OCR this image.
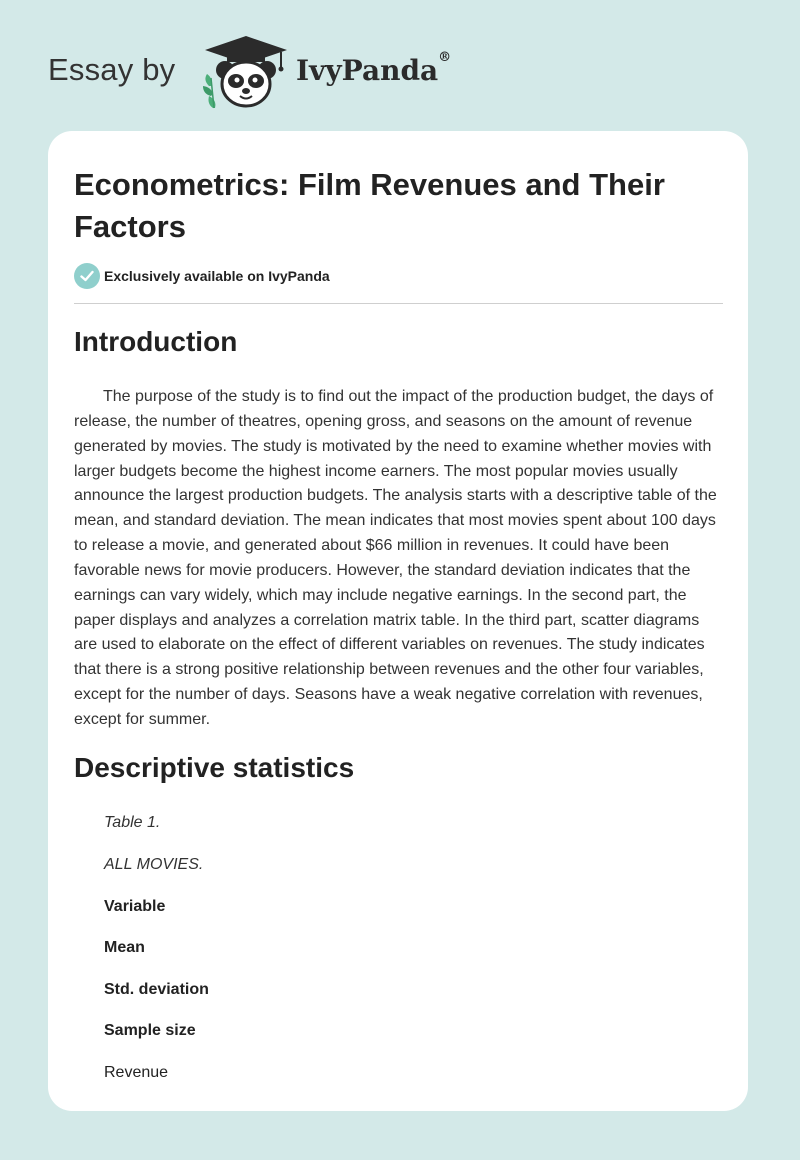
Essay by	IvyPanda®
Econometrics: Film Revenues and Their Factors
Exclusively available on IvyPanda
Introduction

The purpose of the study is to find out the impact of the production budget, the days of release, the number of theatres, opening gross, and seasons on the amount of revenue generated by movies. The study is motivated by the need to examine whether movies with larger budgets become the highest income earners. The most popular movies usually announce the largest production budgets. The analysis starts with a descriptive table of the mean, and standard deviation. The mean indicates that most movies spent about 100 days to release a movie, and generated about $66 million in revenues. It could have been favorable news for movie producers. However, the standard deviation indicates that the earnings can vary widely, which may include negative earnings. In the second part, the paper displays and analyzes a correlation matrix table. In the third part, scatter diagrams are used to elaborate on the effect of different variables on revenues. The study indicates that there is a strong positive relationship between revenues and the other four variables, except for the number of days. Seasons have a weak negative correlation with revenues, except for summer.

Descriptive statistics
Table 1.
ALL MOVIES.
Variable
Mean
Std. deviation
Sample size
Revenue
